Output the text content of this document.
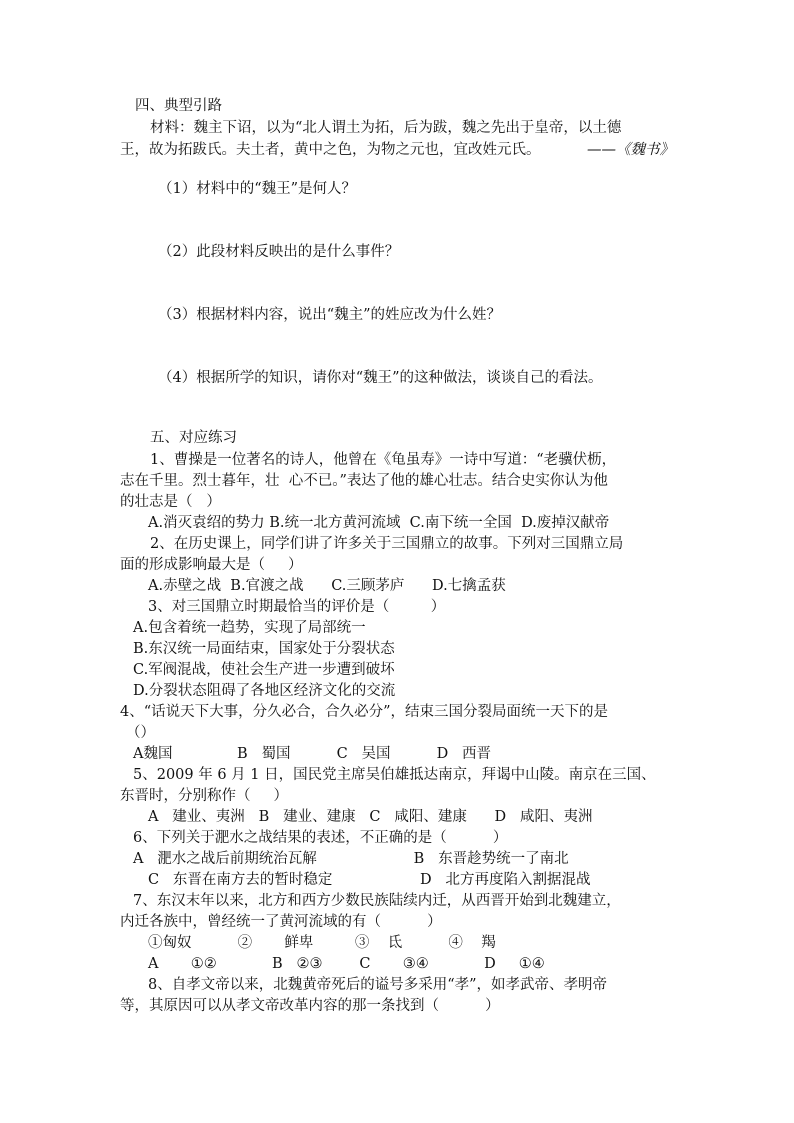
四、典型引路
材料：魏主下诏，以为“北人谓土为拓，后为跋，魏之先出于皇帝，以土德
王，故为拓跋氏。夫土者，黄中之色，为物之元也，宜改姓元氏。	——《魏书》
（1）材料中的“魏王”是何人？
（2）此段材料反映出的是什么事件？
（3）根据材料内容，说出“魏主”的姓应改为什么姓？
（4）根据所学的知识，请你对“魏王”的这种做法，谈谈自己的看法。
五、对应练习
1、曹操是一位著名的诗人，他曾在《龟虽寿》一诗中写道：“老骥伏枥，
志在千里。烈士暮年，壮  心不已。”表达了他的雄心壮志。结合史实你认为他
的壮志是（   ）
A.消灭袁绍的势力 B.统一北方黄河流域  C.南下统一全国  D.废掉汉献帝
2、在历史课上，同学们讲了许多关于三国鼎立的故事。下列对三国鼎立局
面的形成影响最大是（     ）
A.赤壁之战  B.官渡之战      C.三顾茅庐      D.七擒孟获
3、对三国鼎立时期最恰当的评价是（         ）
A.包含着统一趋势，实现了局部统一
B.东汉统一局面结束，国家处于分裂状态
C.军阀混战，使社会生产进一步遭到破坏
D.分裂状态阻碍了各地区经济文化的交流
4、“话说天下大事，分久必合，合久必分”，结束三国分裂局面统一天下的是
（）
A魏国              B   蜀国          C   吴国          D   西晋
5、2009 年 6 月 1 日，国民党主席吴伯雄抵达南京，拜谒中山陵。南京在三国、
东晋时，分别称作（     ）
A   建业、夷洲   B   建业、建康   C   咸阳、建康      D   咸阳、夷洲
6、下列关于淝水之战结果的表述，不正确的是（          ）
A   淝水之战后前期统治瓦解                     B   东晋趁势统一了南北
C   东晋在南方去的暂时稳定                   D   北方再度陷入割据混战
7、东汉末年以来，北方和西方少数民族陆续内迁，从西晋开始到北魏建立，
内迁各族中，曾经统一了黄河流域的有（          ）
①匈奴          ②       鲜卑         ③    氐          ④    羯
A       ①②            B   ②③        C       ③④            D     ①④
8、自孝文帝以来，北魏黄帝死后的谥号多采用“孝”，如孝武帝、孝明帝
等，其原因可以从孝文帝改革内容的那一条找到（          ）
